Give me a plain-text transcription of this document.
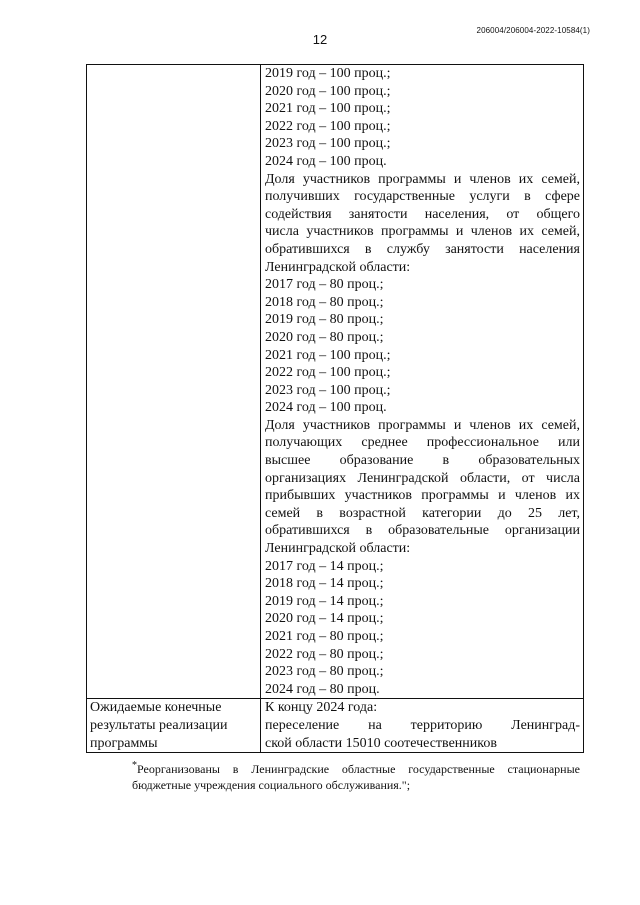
12
206004/206004-2022-10584(1)
2019 год – 100 проц.;
2020 год – 100 проц.;
2021 год – 100 проц.;
2022 год – 100 проц.;
2023 год – 100 проц.;
2024 год – 100 проц.
Доля участников программы и членов их семей,
получивших государственные услуги в сфере
содействия занятости населения, от общего
числа участников программы и членов их семей,
обратившихся в службу занятости населения
Ленинградской области:
2017 год – 80 проц.;
2018 год – 80 проц.;
2019 год – 80 проц.;
2020 год – 80 проц.;
2021 год – 100 проц.;
2022 год – 100 проц.;
2023 год – 100 проц.;
2024 год – 100 проц.
Доля участников программы и членов их семей,
получающих среднее профессиональное или
высшее образование в образовательных
организациях Ленинградской области, от числа
прибывших участников программы и членов их
семей в возрастной категории до 25 лет,
обратившихся в образовательные организации
Ленинградской области:
2017 год – 14 проц.;
2018 год – 14 проц.;
2019 год – 14 проц.;
2020 год – 14 проц.;
2021 год – 80 проц.;
2022 год – 80 проц.;
2023 год – 80 проц.;
2024 год – 80 проц.
Ожидаемые конечные
результаты реализации
программы
К концу 2024 года:
переселение на территорию Ленинград-
ской области 15010 соотечественников
*Реорганизованы в Ленинградские областные государственные стационарные
бюджетные учреждения социального обслуживания.";
